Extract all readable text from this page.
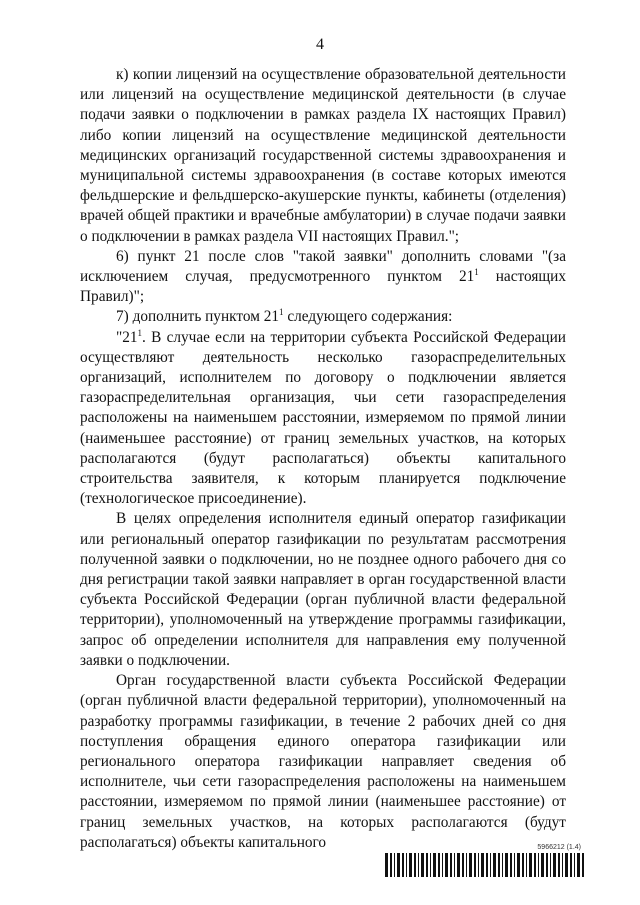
4

к) копии лицензий на осуществление образовательной деятельности или лицензий на осуществление медицинской деятельности (в случае подачи заявки о подключении в рамках раздела IX настоящих Правил) либо копии лицензий на осуществление медицинской деятельности медицинских организаций государственной системы здравоохранения и муниципальной системы здравоохранения (в составе которых имеются фельдшерские и фельдшерско-акушерские пункты, кабинеты (отделения) врачей общей практики и врачебные амбулатории) в случае подачи заявки о подключении в рамках раздела VII настоящих Правил.";

6) пункт 21 после слов "такой заявки" дополнить словами "(за исключением случая, предусмотренного пунктом $21^1$ настоящих Правил)";

7) дополнить пунктом $21^1$ следующего содержания:

"$21^1$. В случае если на территории субъекта Российской Федерации осуществляют деятельность несколько газораспределительных организаций, исполнителем по договору о подключении является газораспределительная организация, чьи сети газораспределения расположены на наименьшем расстоянии, измеряемом по прямой линии (наименьшее расстояние) от границ земельных участков, на которых располагаются (будут располагаться) объекты капитального строительства заявителя, к которым планируется подключение (технологическое присоединение).

В целях определения исполнителя единый оператор газификации или региональный оператор газификации по результатам рассмотрения полученной заявки о подключении, но не позднее одного рабочего дня со дня регистрации такой заявки направляет в орган государственной власти субъекта Российской Федерации (орган публичной власти федеральной территории), уполномоченный на утверждение программы газификации, запрос об определении исполнителя для направления ему полученной заявки о подключении.

Орган государственной власти субъекта Российской Федерации (орган публичной власти федеральной территории), уполномоченный на разработку программы газификации, в течение 2 рабочих дней со дня поступления обращения единого оператора газификации или регионального оператора газификации направляет сведения об исполнителе, чьи сети газораспределения расположены на наименьшем расстоянии, измеряемом по прямой линии (наименьшее расстояние) от границ земельных участков, на которых располагаются (будут располагаться) объекты капитального	5966212 (1.4)
